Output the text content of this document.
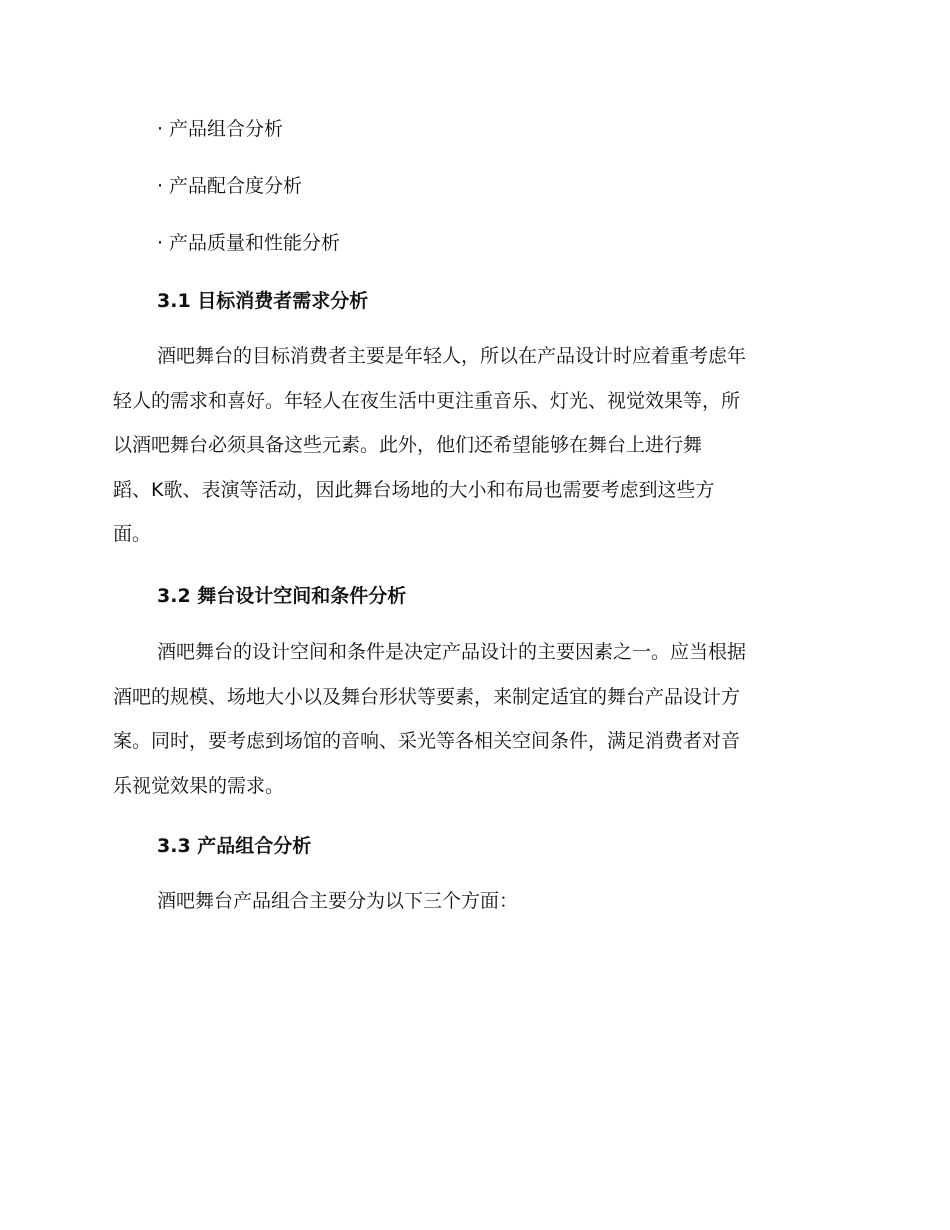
· 产品组合分析

· 产品配合度分析

· 产品质量和性能分析

3.1 目标消费者需求分析
酒吧舞台的目标消费者主要是年轻人，所以在产品设计时应着重考虑年
轻人的需求和喜好。年轻人在夜生活中更注重音乐、灯光、视觉效果等，所
以酒吧舞台必须具备这些元素。此外，他们还希望能够在舞台上进行舞
蹈、K歌、表演等活动，因此舞台场地的大小和布局也需要考虑到这些方
面。
3.2 舞台设计空间和条件分析
酒吧舞台的设计空间和条件是决定产品设计的主要因素之一。应当根据
酒吧的规模、场地大小以及舞台形状等要素，来制定适宜的舞台产品设计方
案。同时，要考虑到场馆的音响、采光等各相关空间条件，满足消费者对音
乐视觉效果的需求。
3.3 产品组合分析
酒吧舞台产品组合主要分为以下三个方面：
